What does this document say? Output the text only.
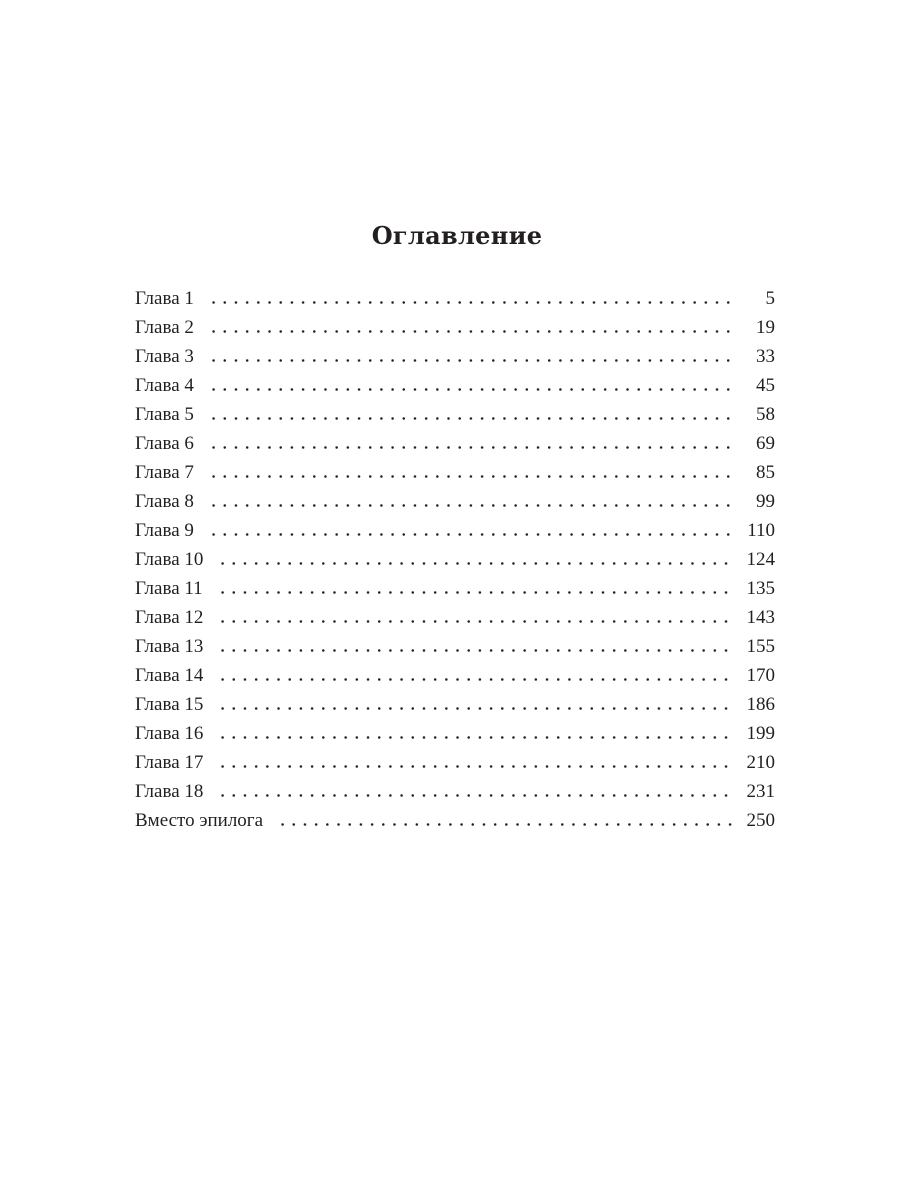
Оглавление
Глава 1	5
Глава 2	19
Глава 3	33
Глава 4	45
Глава 5	58
Глава 6	69
Глава 7	85
Глава 8	99
Глава 9	110
Глава 10	124
Глава 11	135
Глава 12	143
Глава 13	155
Глава 14	170
Глава 15	186
Глава 16	199
Глава 17	210
Глава 18	231
Вместо эпилога	250
